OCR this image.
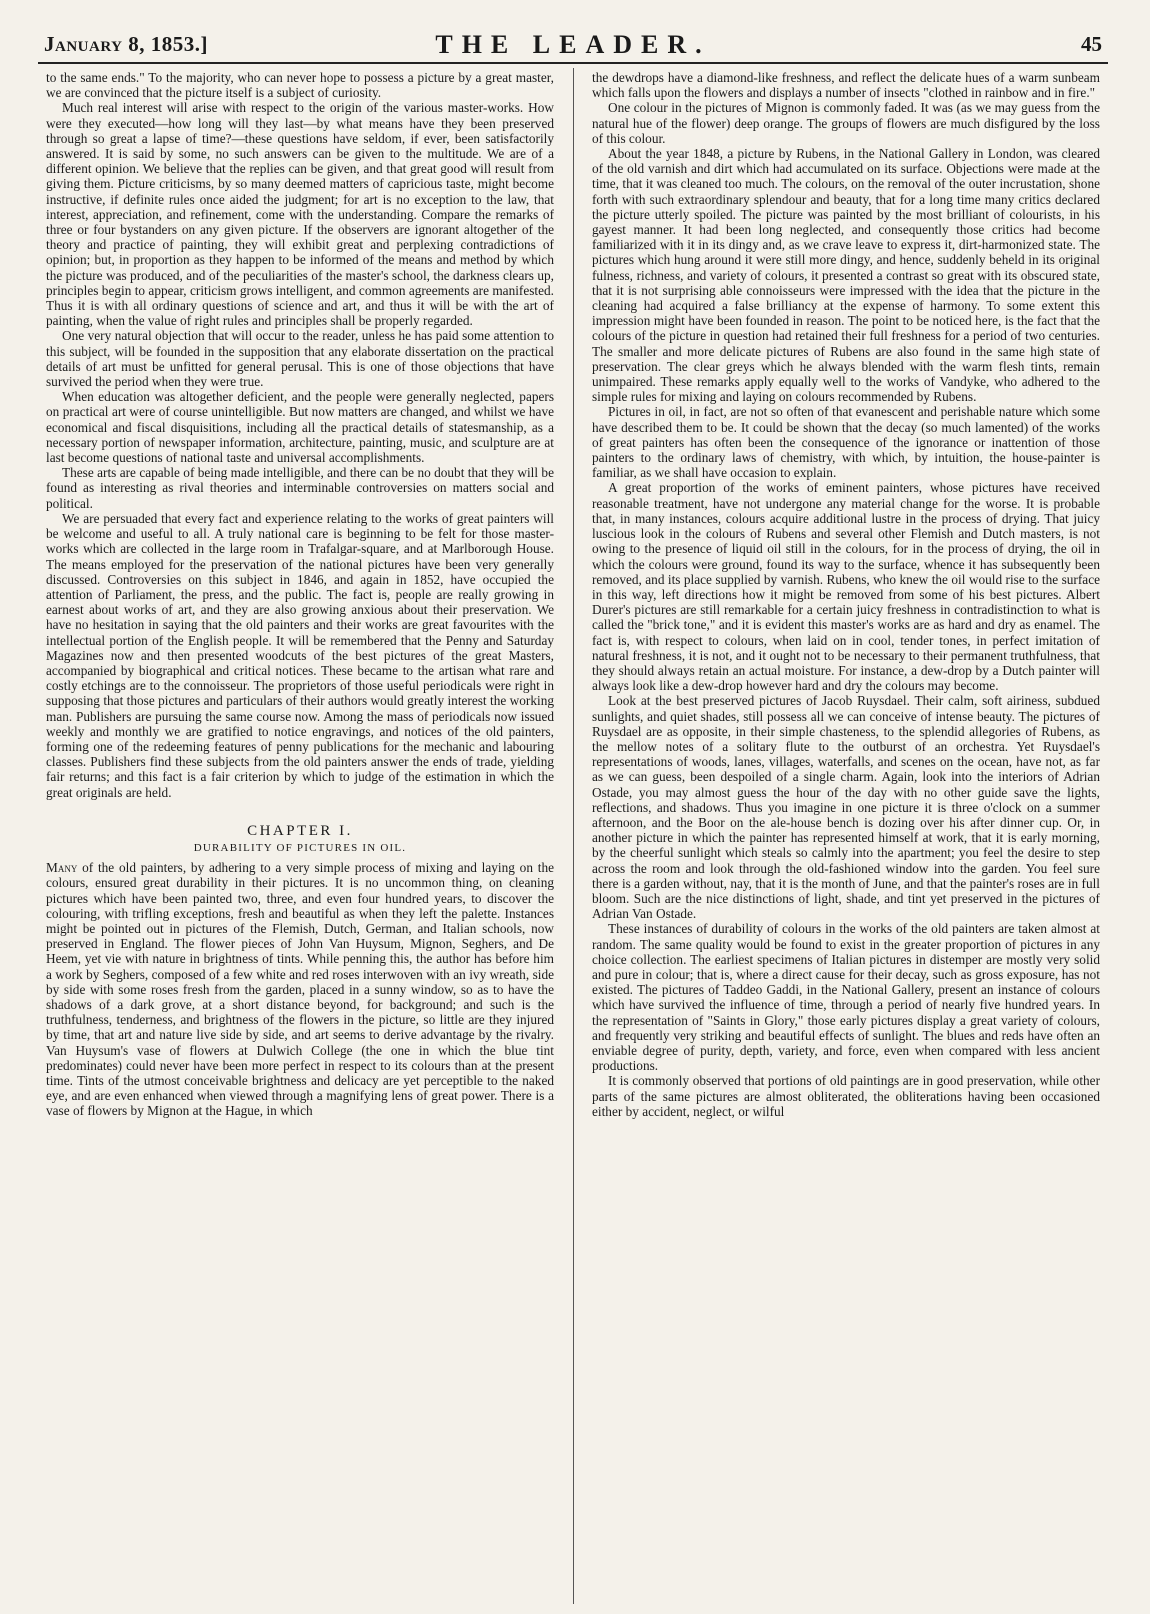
January 8, 1853.]	THE LEADER.	45

to the same ends." To the majority, who can never hope to possess a picture by a great master, we are convinced that the picture itself is a subject of curiosity.

Much real interest will arise with respect to the origin of the various master-works. How were they executed—how long will they last—by what means have they been preserved through so great a lapse of time?—these questions have seldom, if ever, been satisfactorily answered. It is said by some, no such answers can be given to the multitude. We are of a different opinion. We believe that the replies can be given, and that great good will result from giving them. Picture criticisms, by so many deemed matters of capricious taste, might become instructive, if definite rules once aided the judgment; for art is no exception to the law, that interest, appreciation, and refinement, come with the understanding. Compare the remarks of three or four bystanders on any given picture. If the observers are ignorant altogether of the theory and practice of painting, they will exhibit great and perplexing contradictions of opinion; but, in proportion as they happen to be informed of the means and method by which the picture was produced, and of the peculiarities of the master's school, the darkness clears up, principles begin to appear, criticism grows intelligent, and common agreements are manifested. Thus it is with all ordinary questions of science and art, and thus it will be with the art of painting, when the value of right rules and principles shall be properly regarded.

One very natural objection that will occur to the reader, unless he has paid some attention to this subject, will be founded in the supposition that any elaborate dissertation on the practical details of art must be unfitted for general perusal. This is one of those objections that have survived the period when they were true.

When education was altogether deficient, and the people were generally neglected, papers on practical art were of course unintelligible. But now matters are changed, and whilst we have economical and fiscal disquisitions, including all the practical details of statesmanship, as a necessary portion of newspaper information, architecture, painting, music, and sculpture are at last become questions of national taste and universal accomplishments.

These arts are capable of being made intelligible, and there can be no doubt that they will be found as interesting as rival theories and interminable controversies on matters social and political.

We are persuaded that every fact and experience relating to the works of great painters will be welcome and useful to all. A truly national care is beginning to be felt for those master-works which are collected in the large room in Trafalgar-square, and at Marlborough House. The means employed for the preservation of the national pictures have been very generally discussed. Controversies on this subject in 1846, and again in 1852, have occupied the attention of Parliament, the press, and the public. The fact is, people are really growing in earnest about works of art, and they are also growing anxious about their preservation. We have no hesitation in saying that the old painters and their works are great favourites with the intellectual portion of the English people. It will be remembered that the Penny and Saturday Magazines now and then presented woodcuts of the best pictures of the great Masters, accompanied by biographical and critical notices. These became to the artisan what rare and costly etchings are to the connoisseur. The proprietors of those useful periodicals were right in supposing that those pictures and particulars of their authors would greatly interest the working man. Publishers are pursuing the same course now. Among the mass of periodicals now issued weekly and monthly we are gratified to notice engravings, and notices of the old painters, forming one of the redeeming features of penny publications for the mechanic and labouring classes. Publishers find these subjects from the old painters answer the ends of trade, yielding fair returns; and this fact is a fair criterion by which to judge of the estimation in which the great originals are held.

CHAPTER I.
DURABILITY OF PICTURES IN OIL.

Many of the old painters, by adhering to a very simple process of mixing and laying on the colours, ensured great durability in their pictures. It is no uncommon thing, on cleaning pictures which have been painted two, three, and even four hundred years, to discover the colouring, with trifling exceptions, fresh and beautiful as when they left the palette. Instances might be pointed out in pictures of the Flemish, Dutch, German, and Italian schools, now preserved in England. The flower pieces of John Van Huysum, Mignon, Seghers, and De Heem, yet vie with nature in brightness of tints. While penning this, the author has before him a work by Seghers, composed of a few white and red roses interwoven with an ivy wreath, side by side with some roses fresh from the garden, placed in a sunny window, so as to have the shadows of a dark grove, at a short distance beyond, for background; and such is the truthfulness, tenderness, and brightness of the flowers in the picture, so little are they injured by time, that art and nature live side by side, and art seems to derive advantage by the rivalry. Van Huysum's vase of flowers at Dulwich College (the one in which the blue tint predominates) could never have been more perfect in respect to its colours than at the present time. Tints of the utmost conceivable brightness and delicacy are yet perceptible to the naked eye, and are even enhanced when viewed through a magnifying lens of great power. There is a vase of flowers by Mignon at the Hague, in which

the dewdrops have a diamond-like freshness, and reflect the delicate hues of a warm sunbeam which falls upon the flowers and displays a number of insects "clothed in rainbow and in fire."

One colour in the pictures of Mignon is commonly faded. It was (as we may guess from the natural hue of the flower) deep orange. The groups of flowers are much disfigured by the loss of this colour.

About the year 1848, a picture by Rubens, in the National Gallery in London, was cleared of the old varnish and dirt which had accumulated on its surface. Objections were made at the time, that it was cleaned too much. The colours, on the removal of the outer incrustation, shone forth with such extraordinary splendour and beauty, that for a long time many critics declared the picture utterly spoiled. The picture was painted by the most brilliant of colourists, in his gayest manner. It had been long neglected, and consequently those critics had become familiarized with it in its dingy and, as we crave leave to express it, dirt-harmonized state. The pictures which hung around it were still more dingy, and hence, suddenly beheld in its original fulness, richness, and variety of colours, it presented a contrast so great with its obscured state, that it is not surprising able connoisseurs were impressed with the idea that the picture in the cleaning had acquired a false brilliancy at the expense of harmony. To some extent this impression might have been founded in reason. The point to be noticed here, is the fact that the colours of the picture in question had retained their full freshness for a period of two centuries. The smaller and more delicate pictures of Rubens are also found in the same high state of preservation. The clear greys which he always blended with the warm flesh tints, remain unimpaired. These remarks apply equally well to the works of Vandyke, who adhered to the simple rules for mixing and laying on colours recommended by Rubens.

Pictures in oil, in fact, are not so often of that evanescent and perishable nature which some have described them to be. It could be shown that the decay (so much lamented) of the works of great painters has often been the consequence of the ignorance or inattention of those painters to the ordinary laws of chemistry, with which, by intuition, the house-painter is familiar, as we shall have occasion to explain.

A great proportion of the works of eminent painters, whose pictures have received reasonable treatment, have not undergone any material change for the worse. It is probable that, in many instances, colours acquire additional lustre in the process of drying. That juicy luscious look in the colours of Rubens and several other Flemish and Dutch masters, is not owing to the presence of liquid oil still in the colours, for in the process of drying, the oil in which the colours were ground, found its way to the surface, whence it has subsequently been removed, and its place supplied by varnish. Rubens, who knew the oil would rise to the surface in this way, left directions how it might be removed from some of his best pictures. Albert Durer's pictures are still remarkable for a certain juicy freshness in contradistinction to what is called the "brick tone," and it is evident this master's works are as hard and dry as enamel. The fact is, with respect to colours, when laid on in cool, tender tones, in perfect imitation of natural freshness, it is not, and it ought not to be necessary to their permanent truthfulness, that they should always retain an actual moisture. For instance, a dew-drop by a Dutch painter will always look like a dew-drop however hard and dry the colours may become.

Look at the best preserved pictures of Jacob Ruysdael. Their calm, soft airiness, subdued sunlights, and quiet shades, still possess all we can conceive of intense beauty. The pictures of Ruysdael are as opposite, in their simple chasteness, to the splendid allegories of Rubens, as the mellow notes of a solitary flute to the outburst of an orchestra. Yet Ruysdael's representations of woods, lanes, villages, waterfalls, and scenes on the ocean, have not, as far as we can guess, been despoiled of a single charm. Again, look into the interiors of Adrian Ostade, you may almost guess the hour of the day with no other guide save the lights, reflections, and shadows. Thus you imagine in one picture it is three o'clock on a summer afternoon, and the Boor on the ale-house bench is dozing over his after dinner cup. Or, in another picture in which the painter has represented himself at work, that it is early morning, by the cheerful sunlight which steals so calmly into the apartment; you feel the desire to step across the room and look through the old-fashioned window into the garden. You feel sure there is a garden without, nay, that it is the month of June, and that the painter's roses are in full bloom. Such are the nice distinctions of light, shade, and tint yet preserved in the pictures of Adrian Van Ostade.

These instances of durability of colours in the works of the old painters are taken almost at random. The same quality would be found to exist in the greater proportion of pictures in any choice collection. The earliest specimens of Italian pictures in distemper are mostly very solid and pure in colour; that is, where a direct cause for their decay, such as gross exposure, has not existed. The pictures of Taddeo Gaddi, in the National Gallery, present an instance of colours which have survived the influence of time, through a period of nearly five hundred years. In the representation of "Saints in Glory," those early pictures display a great variety of colours, and frequently very striking and beautiful effects of sunlight. The blues and reds have often an enviable degree of purity, depth, variety, and force, even when compared with less ancient productions.

It is commonly observed that portions of old paintings are in good preservation, while other parts of the same pictures are almost obliterated, the obliterations having been occasioned either by accident, neglect, or wilful
